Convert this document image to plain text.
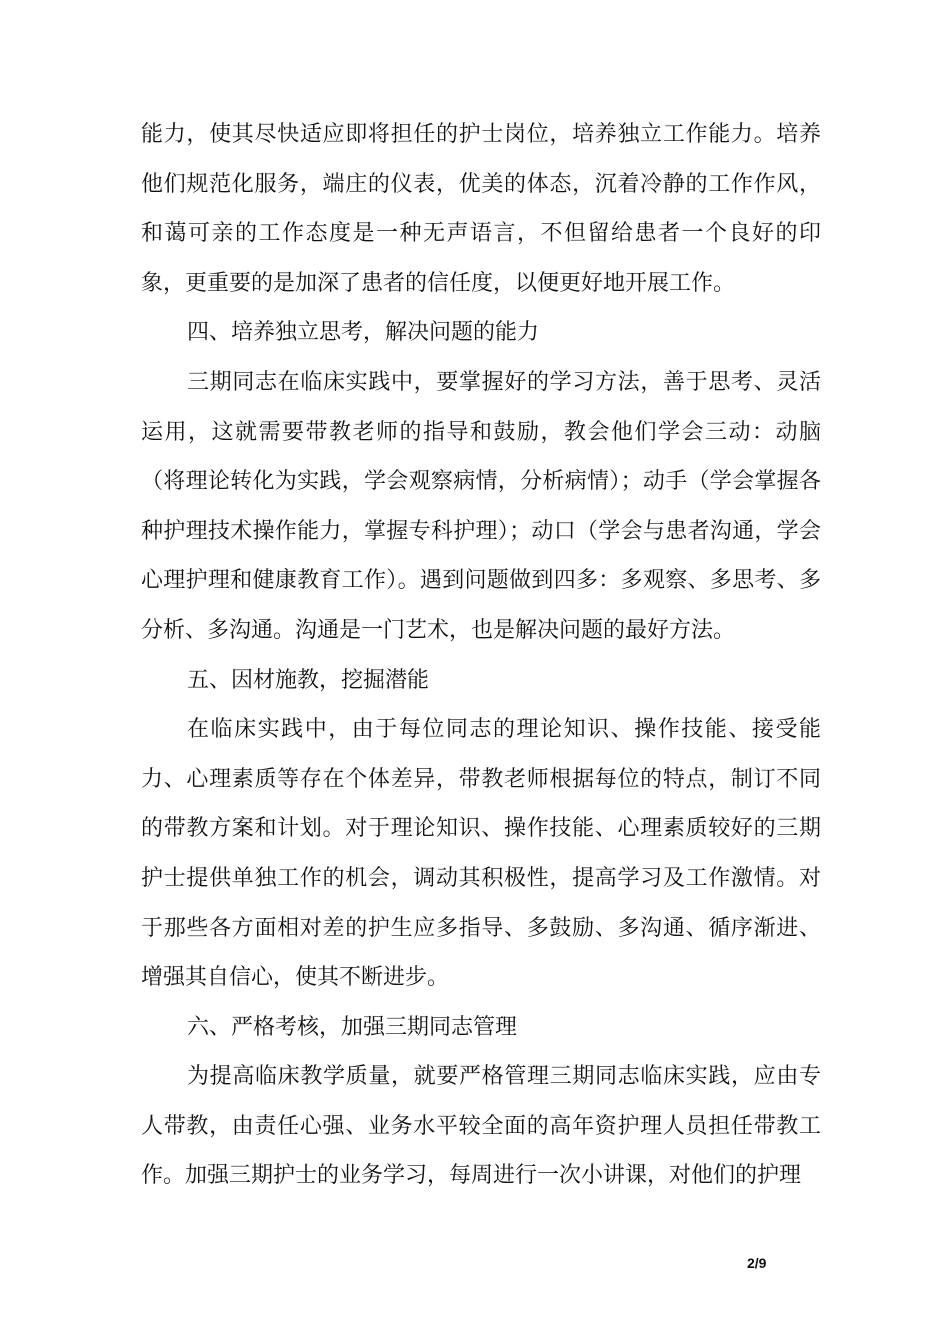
能力，使其尽快适应即将担任的护士岗位，培养独立工作能力。培养他们规范化服务，端庄的仪表，优美的体态，沉着冷静的工作作风，和蔼可亲的工作态度是一种无声语言，不但留给患者一个良好的印象，更重要的是加深了患者的信任度，以便更好地开展工作。

四、培养独立思考，解决问题的能力

三期同志在临床实践中，要掌握好的学习方法，善于思考、灵活运用，这就需要带教老师的指导和鼓励，教会他们学会三动：动脑（将理论转化为实践，学会观察病情，分析病情）；动手（学会掌握各种护理技术操作能力，掌握专科护理）；动口（学会与患者沟通，学会心理护理和健康教育工作）。遇到问题做到四多：多观察、多思考、多分析、多沟通。沟通是一门艺术，也是解决问题的最好方法。

五、因材施教，挖掘潜能

在临床实践中，由于每位同志的理论知识、操作技能、接受能力、心理素质等存在个体差异，带教老师根据每位的特点，制订不同的带教方案和计划。对于理论知识、操作技能、心理素质较好的三期护士提供单独工作的机会，调动其积极性，提高学习及工作激情。对于那些各方面相对差的护生应多指导、多鼓励、多沟通、循序渐进、增强其自信心，使其不断进步。

六、严格考核，加强三期同志管理

为提高临床教学质量，就要严格管理三期同志临床实践，应由专人带教，由责任心强、业务水平较全面的高年资护理人员担任带教工作。加强三期护士的业务学习，每周进行一次小讲课，对他们的护理

2/9
